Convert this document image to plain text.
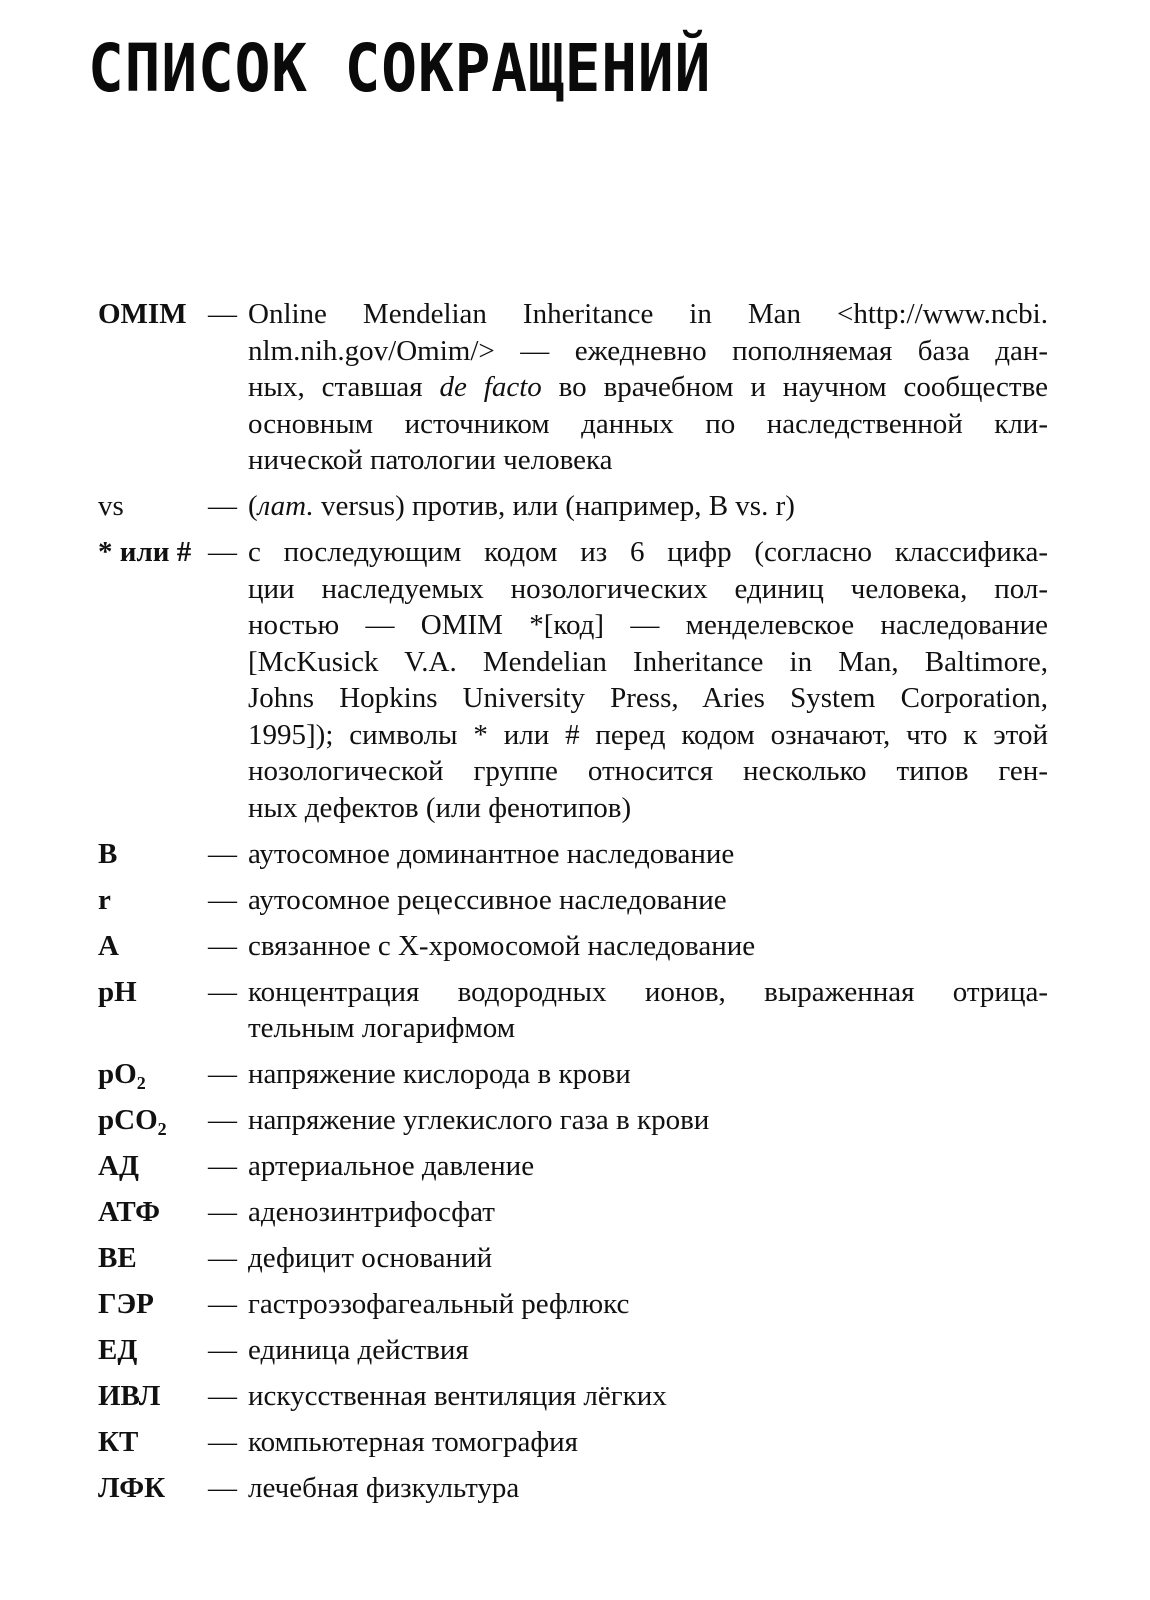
СПИСОК СОКРАЩЕНИЙ
OMIM — Online Mendelian Inheritance in Man <http://www.ncbi.
nlm.nih.gov/Omim/> — ежедневно пополняемая база дан-
ных, ставшая de facto во врачебном и научном сообществе
основным источником данных по наследственной кли-
нической патологии человека
vs	— (лат. versus) против, или (например, B vs. r)
* или # — с последующим кодом из 6 цифр (согласно классифика-
ции наследуемых нозологических единиц человека, пол-
ностью — OMIM *[код] — менделевское наследование
[McKusick V.A. Mendelian Inheritance in Man, Baltimore,
Johns Hopkins University Press, Aries System Corporation,
1995]); символы * или # перед кодом означают, что к этой
нозологической группе относится несколько типов ген-
ных дефектов (или фенотипов)
B	— аутосомное доминантное наследование
r	— аутосомное рецессивное наследование
A	— связанное с Х-хромосомой наследование
pH	— концентрация водородных ионов, выраженная отрица-
тельным логарифмом
$pO_2$	— напряжение кислорода в крови
pCO$_2$	— напряжение углекислого газа в крови
АД	— артериальное давление
АТФ	— аденозинтрифосфат
BE	— дефицит оснований
ГЭР	— гастроэзофагеальный рефлюкс
ЕД	— единица действия
ИВЛ	— искусственная вентиляция лёгких
КТ	— компьютерная томография
ЛФК	— лечебная физкультура
